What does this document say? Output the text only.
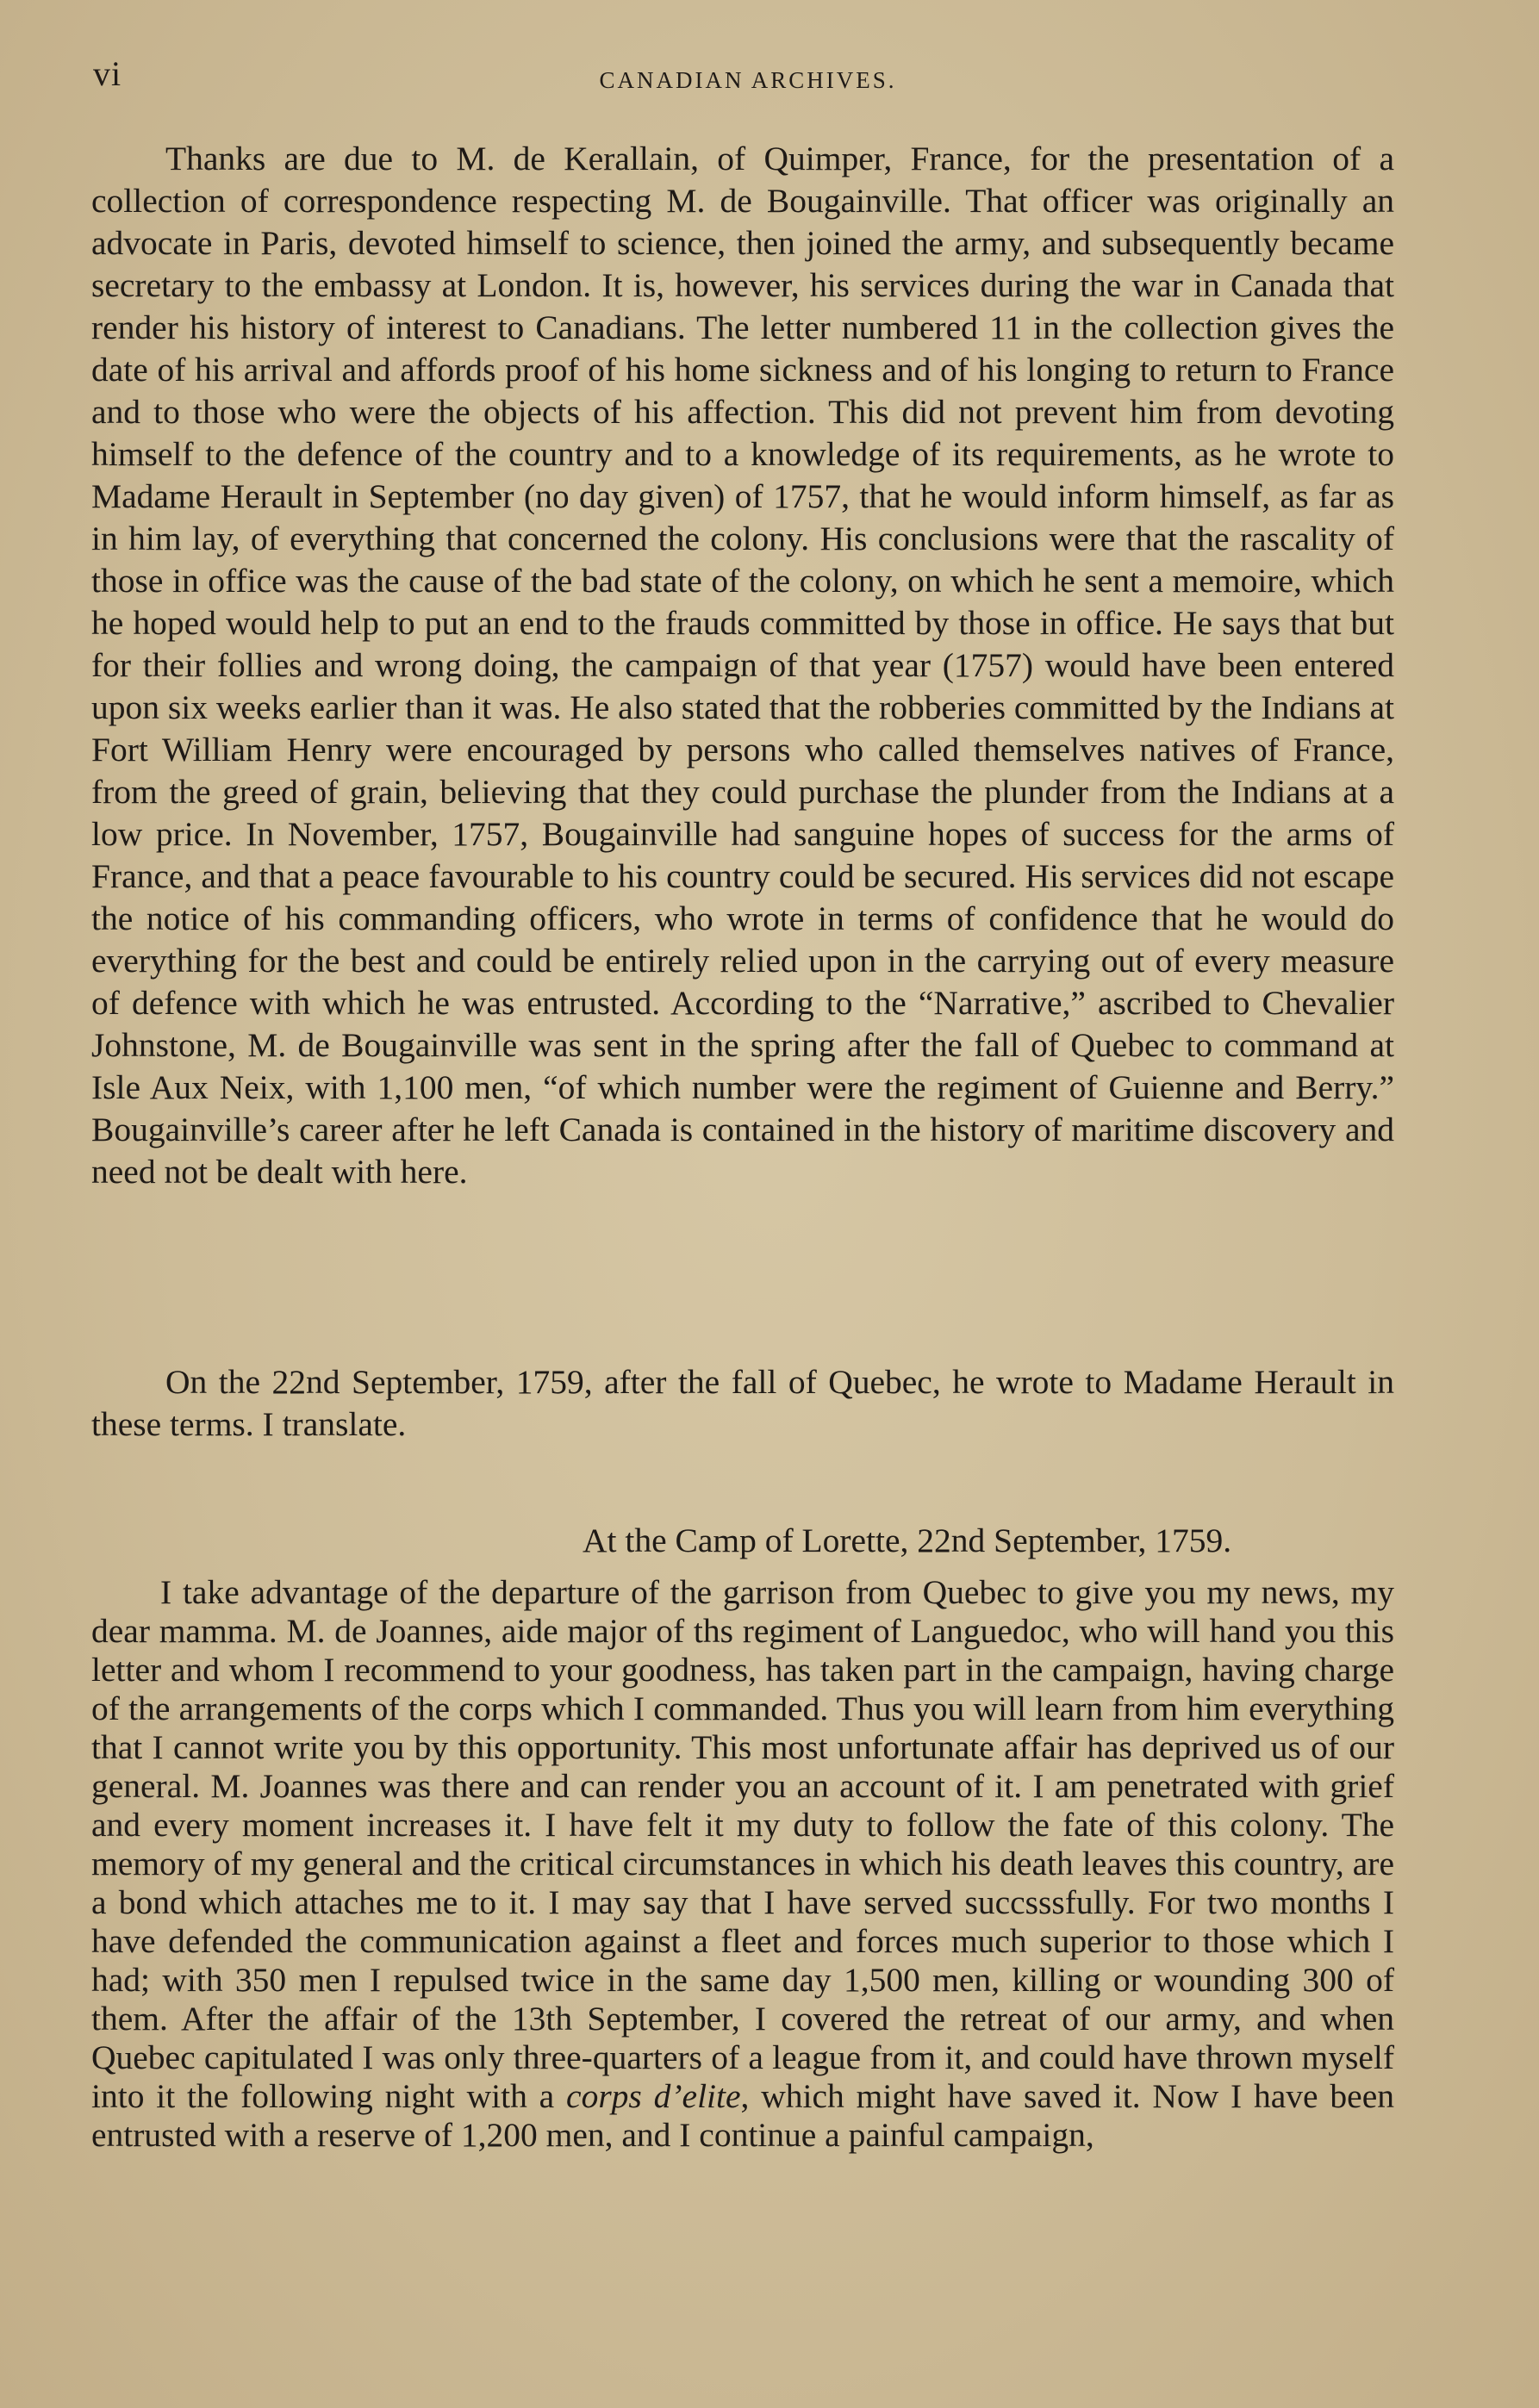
vi	CANADIAN ARCHIVES.

Thanks are due to M. de Kerallain, of Quimper, France, for the presentation of a collection of correspondence respecting M. de Bougainville. That officer was originally an advocate in Paris, devoted himself to science, then joined the army, and subsequently became secretary to the embassy at London. It is, however, his services during the war in Canada that render his history of interest to Canadians. The letter numbered 11 in the collection gives the date of his arrival and affords proof of his home sickness and of his longing to return to France and to those who were the objects of his affection. This did not prevent him from devoting himself to the defence of the country and to a knowledge of its requirements, as he wrote to Madame Herault in September (no day given) of 1757, that he would inform himself, as far as in him lay, of everything that concerned the colony. His conclusions were that the rascality of those in office was the cause of the bad state of the colony, on which he sent a memoire, which he hoped would help to put an end to the frauds committed by those in office. He says that but for their follies and wrong doing, the campaign of that year (1757) would have been entered upon six weeks earlier than it was. He also stated that the robberies committed by the Indians at Fort William Henry were encouraged by persons who called themselves natives of France, from the greed of grain, believing that they could purchase the plunder from the Indians at a low price. In November, 1757, Bougainville had sanguine hopes of success for the arms of France, and that a peace favourable to his country could be secured. His services did not escape the notice of his commanding officers, who wrote in terms of confidence that he would do everything for the best and could be entirely relied upon in the carrying out of every measure of defence with which he was entrusted. According to the “Narrative,” ascribed to Chevalier Johnstone, M. de Bougainville was sent in the spring after the fall of Quebec to command at Isle Aux Neix, with 1,100 men, “of which number were the regiment of Guienne and Berry.” Bougainville’s career after he left Canada is contained in the history of maritime discovery and need not be dealt with here.

On the 22nd September, 1759, after the fall of Quebec, he wrote to Madame Herault in these terms. I translate.

At the Camp of Lorette, 22nd September, 1759.

I take advantage of the departure of the garrison from Quebec to give you my news, my dear mamma. M. de Joannes, aide major of ths regiment of Languedoc, who will hand you this letter and whom I recommend to your goodness, has taken part in the campaign, having charge of the arrangements of the corps which I commanded. Thus you will learn from him everything that I cannot write you by this opportunity. This most unfortunate affair has deprived us of our general. M. Joannes was there and can render you an account of it. I am penetrated with grief and every moment increases it. I have felt it my duty to follow the fate of this colony. The memory of my general and the critical circumstances in which his death leaves this country, are a bond which attaches me to it. I may say that I have served succsssfully. For two months I have defended the communication against a fleet and forces much superior to those which I had; with 350 men I repulsed twice in the same day 1,500 men, killing or wounding 300 of them. After the affair of the 13th September, I covered the retreat of our army, and when Quebec capitulated I was only three-quarters of a league from it, and could have thrown myself into it the following night with a corps d’elite, which might have saved it. Now I have been entrusted with a reserve of 1,200 men, and I continue a painful campaign,
